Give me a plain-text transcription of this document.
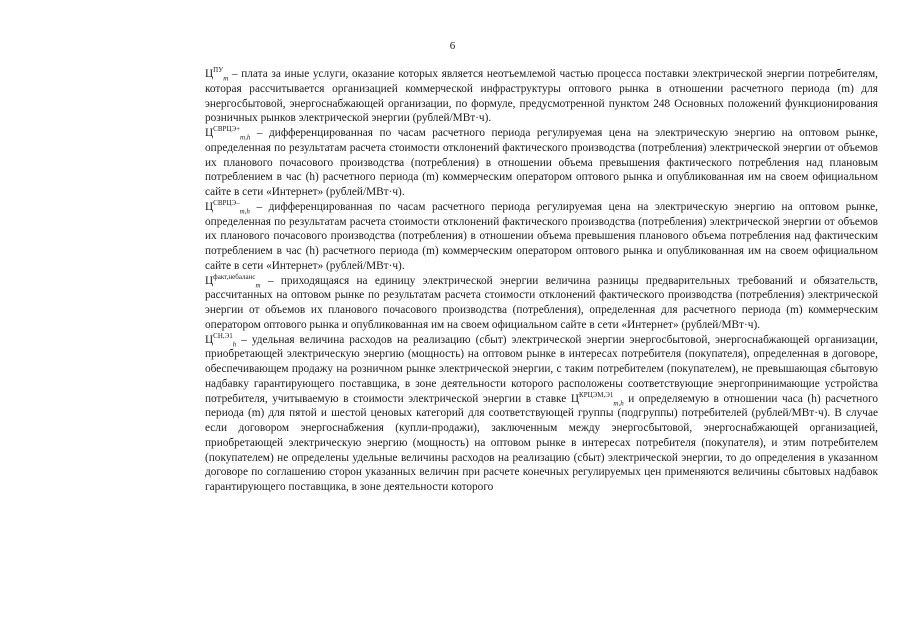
6

$Ц^{ПУ}_m$ – плата за иные услуги, оказание которых является неотъемлемой частью процесса поставки электрической энергии потребителям, которая рассчитывается организацией коммерческой инфраструктуры оптового рынка в отношении расчетного периода (m) для энергосбытовой, энергоснабжающей организации, по формуле, предусмотренной пунктом 248 Основных положений функционирования розничных рынков электрической энергии (рублей/МВт·ч).

$Ц^{СВРЦЭ+}_{m,h}$ – дифференцированная по часам расчетного периода регулируемая цена на электрическую энергию на оптовом рынке, определенная по результатам расчета стоимости отклонений фактического производства (потребления) электрической энергии от объемов их планового почасового производства (потребления) в отношении объема превышения фактического потребления над плановым потреблением в час (h) расчетного периода (m) коммерческим оператором оптового рынка и опубликованная им на своем официальном сайте в сети «Интернет» (рублей/МВт·ч).

$Ц^{СВРЦЭ-}_{m,h}$ – дифференцированная по часам расчетного периода регулируемая цена на электрическую энергию на оптовом рынке, определенная по результатам расчета стоимости отклонений фактического производства (потребления) электрической энергии от объемов их планового почасового производства (потребления) в отношении объема превышения планового объема потребления над фактическим потреблением в час (h) расчетного периода (m) коммерческим оператором оптового рынка и опубликованная им на своем официальном сайте в сети «Интернет» (рублей/МВт·ч).

$Ц^{факт,небаланс}_m$ – приходящаяся на единицу электрической энергии величина разницы предварительных требований и обязательств, рассчитанных на оптовом рынке по результатам расчета стоимости отклонений фактического производства (потребления) электрической энергии от объемов их планового почасового производства (потребления), определенная для расчетного периода (m) коммерческим оператором оптового рынка и опубликованная им на своем официальном сайте в сети «Интернет» (рублей/МВт·ч).

$Ц^{СН,Э1}_h$ – удельная величина расходов на реализацию (сбыт) электрической энергии энергосбытовой, энергоснабжающей организации, приобретающей электрическую энергию (мощность) на оптовом рынке в интересах потребителя (покупателя), определенная в договоре, обеспечивающем продажу на розничном рынке электрической энергии, с таким потребителем (покупателем), не превышающая сбытовую надбавку гарантирующего поставщика, в зоне деятельности которого расположены соответствующие энергопринимающие устройства потребителя, учитываемую в стоимости электрической энергии в ставке $Ц^{КРЦЭМ,Э1}_{m,h}$ и определяемую в отношении часа (h) расчетного периода (m) для пятой и шестой ценовых категорий для соответствующей группы (подгруппы) потребителей (рублей/МВт·ч). В случае если договором энергоснабжения (купли-продажи), заключенным между энергосбытовой, энергоснабжающей организацией, приобретающей электрическую энергию (мощность) на оптовом рынке в интересах потребителя (покупателя), и этим потребителем (покупателем) не определены удельные величины расходов на реализацию (сбыт) электрической энергии, то до определения в указанном договоре по соглашению сторон указанных величин при расчете конечных регулируемых цен применяются величины сбытовых надбавок гарантирующего поставщика, в зоне деятельности которого
